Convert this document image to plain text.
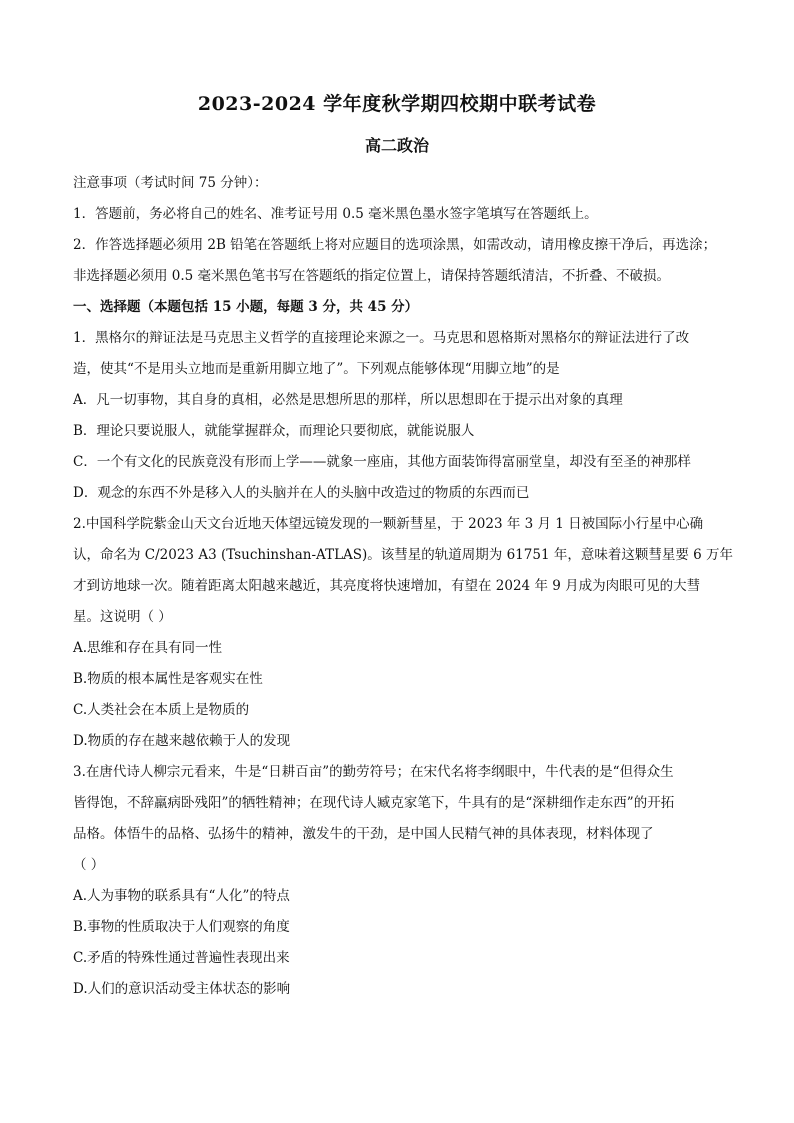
2023-2024 学年度秋学期四校期中联考试卷
高二政治
注意事项（考试时间 75 分钟）：
1．答题前，务必将自己的姓名、准考证号用 0.5 毫米黑色墨水签字笔填写在答题纸上。
2．作答选择题必须用 2B 铅笔在答题纸上将对应题目的选项涂黑，如需改动，请用橡皮擦干净后，再选涂；
非选择题必须用 0.5 毫米黑色笔书写在答题纸的指定位置上，请保持答题纸清洁，不折叠、不破损。
一、选择题（本题包括 15 小题，每题 3 分，共 45 分）
1．黑格尔的辩证法是马克思主义哲学的直接理论来源之一。马克思和恩格斯对黑格尔的辩证法进行了改
造，使其“不是用头立地而是重新用脚立地了”。下列观点能够体现“用脚立地”的是
A．凡一切事物，其自身的真相，必然是思想所思的那样，所以思想即在于提示出对象的真理
B．理论只要说服人，就能掌握群众，而理论只要彻底，就能说服人
C．一个有文化的民族竟没有形而上学——就象一座庙，其他方面装饰得富丽堂皇，却没有至圣的神那样
D．观念的东西不外是移入人的头脑并在人的头脑中改造过的物质的东西而已
2.中国科学院紫金山天文台近地天体望远镜发现的一颗新彗星，于 2023 年 3 月 1 日被国际小行星中心确
认，命名为 C/2023 A3 (Tsuchinshan-ATLAS)。该彗星的轨道周期为 61751 年，意味着这颗彗星要 6 万年
才到访地球一次。随着距离太阳越来越近，其亮度将快速增加，有望在 2024 年 9 月成为肉眼可见的大彗
星。这说明（ ）
A.思维和存在具有同一性
B.物质的根本属性是客观实在性
C.人类社会在本质上是物质的
D.物质的存在越来越依赖于人的发现
3.在唐代诗人柳宗元看来，牛是“日耕百亩”的勤劳符号；在宋代名将李纲眼中，牛代表的是“但得众生
皆得饱，不辞羸病卧残阳”的牺牲精神；在现代诗人臧克家笔下，牛具有的是“深耕细作走东西”的开拓
品格。体悟牛的品格、弘扬牛的精神，激发牛的干劲，是中国人民精气神的具体表现，材料体现了
（ ）
A.人为事物的联系具有“人化”的特点
B.事物的性质取决于人们观察的角度
C.矛盾的特殊性通过普遍性表现出来
D.人们的意识活动受主体状态的影响
